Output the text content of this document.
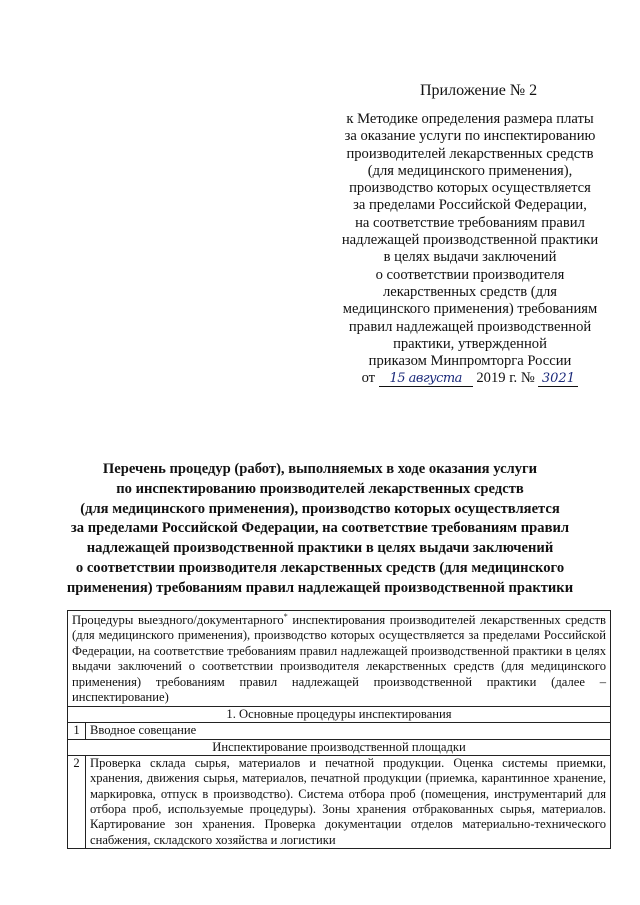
Приложение № 2
к Методике определения размера платы
за оказание услуги по инспектированию
производителей лекарственных средств
(для медицинского применения),
производство которых осуществляется
за пределами Российской Федерации,
на соответствие требованиям правил
надлежащей производственной практики
в целях выдачи заключений
о соответствии производителя
лекарственных средств (для
медицинского применения) требованиям
правил надлежащей производственной
практики, утвержденной
приказом Минпромторга России
от 15 августа 2019 г. № 3021
Перечень процедур (работ), выполняемых в ходе оказания услуги
по инспектированию производителей лекарственных средств
(для медицинского применения), производство которых осуществляется
за пределами Российской Федерации, на соответствие требованиям правил
надлежащей производственной практики в целях выдачи заключений
о соответствии производителя лекарственных средств (для медицинского
применения) требованиям правил надлежащей производственной практики
Процедуры выездного/документарного* инспектирования производителей лекарственных средств (для медицинского применения), производство которых осуществляется за пределами Российской Федерации, на соответствие требованиям правил надлежащей производственной практики в целях выдачи заключений о соответствии производителя лекарственных средств (для медицинского применения) требованиям правил надлежащей производственной практики (далее – инспектирование)
1. Основные процедуры инспектирования
1 Вводное совещание
Инспектирование производственной площадки
2 Проверка склада сырья, материалов и печатной продукции. Оценка системы приемки, хранения, движения сырья, материалов, печатной продукции (приемка, карантинное хранение, маркировка, отпуск в производство). Система отбора проб (помещения, инструментарий для отбора проб, используемые процедуры). Зоны хранения отбракованных сырья, материалов. Картирование зон хранения. Проверка документации отделов материально-технического снабжения, складского хозяйства и логистики
